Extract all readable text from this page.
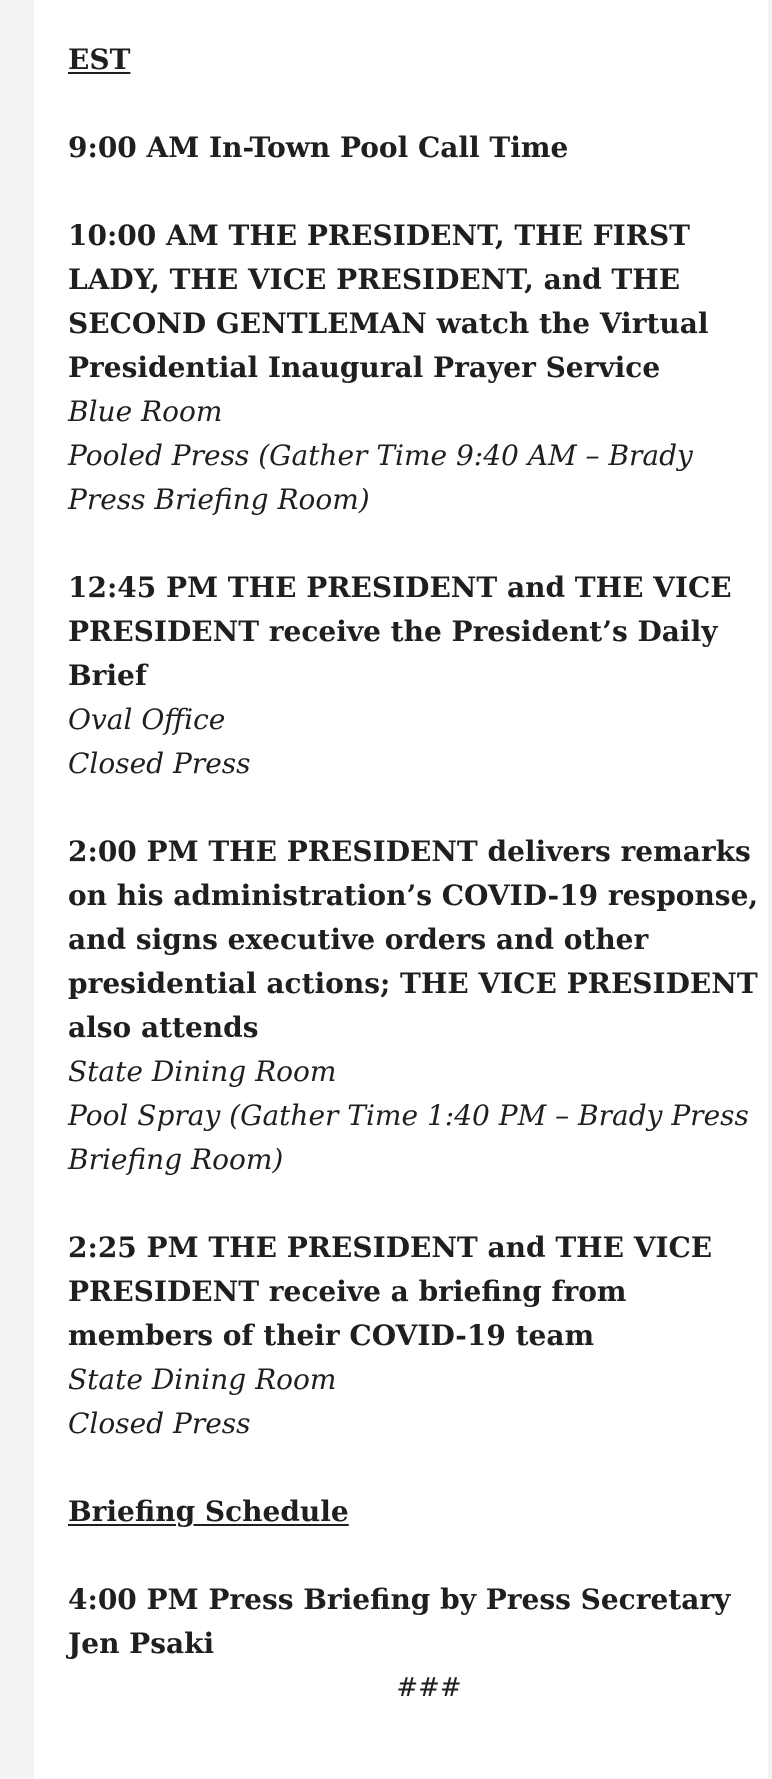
EST

9:00 AM In-Town Pool Call Time

10:00 AM THE PRESIDENT, THE FIRST LADY, THE VICE PRESIDENT, and THE SECOND GENTLEMAN watch the Virtual Presidential Inaugural Prayer Service

Blue Room

Pooled Press (Gather Time 9:40 AM – Brady Press Briefing Room)

12:45 PM THE PRESIDENT and THE VICE PRESIDENT receive the President’s Daily Brief

Oval Office

Closed Press

2:00 PM THE PRESIDENT delivers remarks on his administration’s COVID-19 response, and signs executive orders and other presidential actions; THE VICE PRESIDENT also attends

State Dining Room

Pool Spray (Gather Time 1:40 PM – Brady Press Briefing Room)

2:25 PM THE PRESIDENT and THE VICE PRESIDENT receive a briefing from members of their COVID-19 team

State Dining Room

Closed Press

Briefing Schedule

4:00 PM Press Briefing by Press Secretary Jen Psaki

###
